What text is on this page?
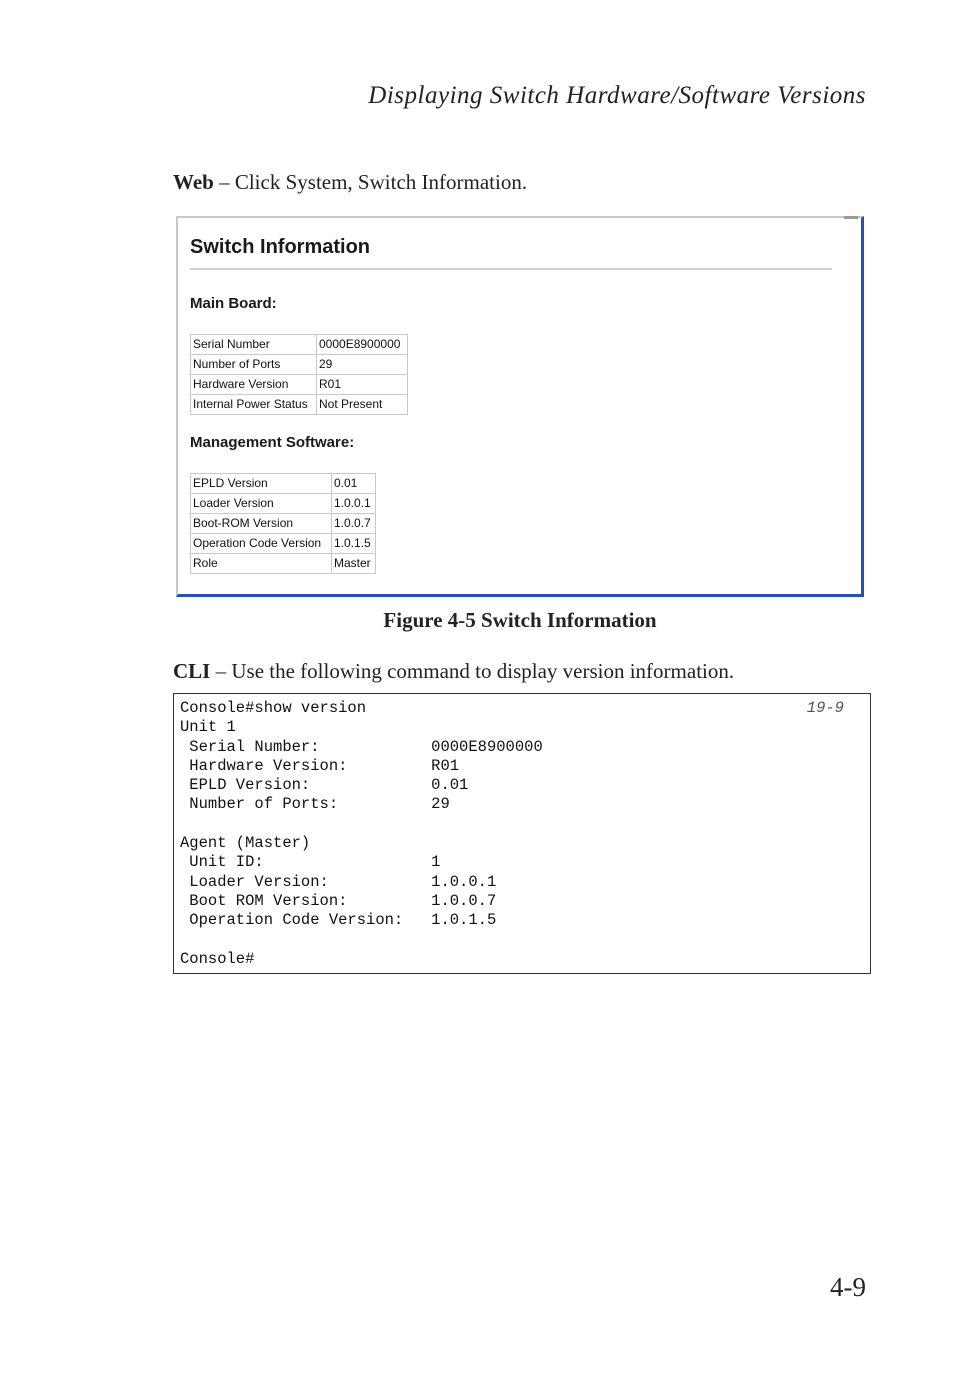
Displaying Switch Hardware/Software Versions
Web – Click System, Switch Information.
Switch Information
Main Board:
Serial Number	0000E8900000
Number of Ports	29
Hardware Version	R01
Internal Power Status	Not Present
Management Software:
EPLD Version	0.01
Loader Version	1.0.0.1
Boot-ROM Version	1.0.0.7
Operation Code Version	1.0.1.5
Role	Master
Figure 4-5 Switch Information
CLI – Use the following command to display version information.
Console#show version
Unit 1
Serial Number:            0000E8900000
Hardware Version:         R01
EPLD Version:             0.01
Number of Ports:          29
Agent (Master)
Unit ID:                  1
Loader Version:           1.0.0.1
Boot ROM Version:         1.0.0.7
Operation Code Version:   1.0.1.5
Console#
19-9
4-9
